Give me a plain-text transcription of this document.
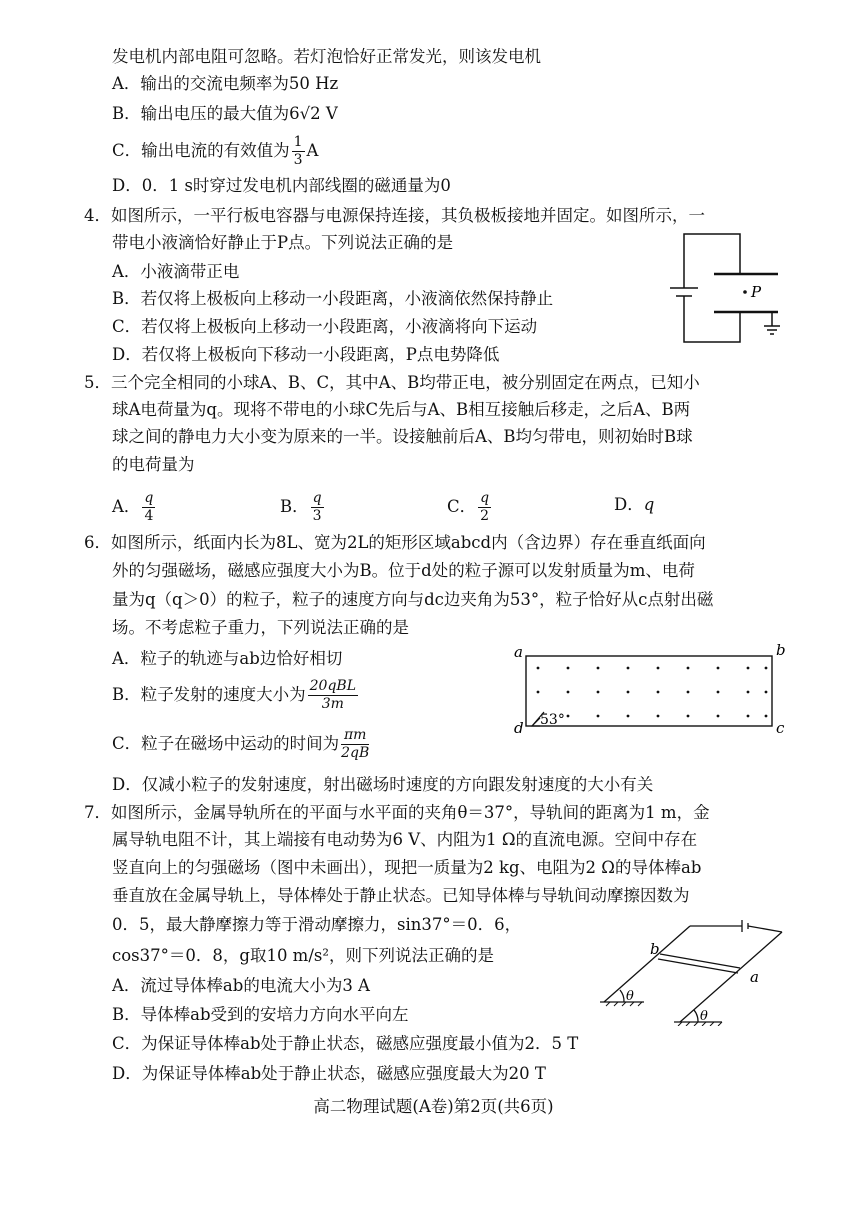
发电机内部电阻可忽略。若灯泡恰好正常发光，则该发电机
A．输出的交流电频率为50 Hz
B．输出电压的最大值为6√2 V
C．输出电流的有效值为 $\frac{1}{3}$ A
D．0．1 s时穿过发电机内部线圈的磁通量为0
4．如图所示，一平行板电容器与电源保持连接，其负极板接地并固定。如图所示，一
带电小液滴恰好静止于P点。下列说法正确的是
A．小液滴带正电
B．若仅将上极板向上移动一小段距离，小液滴依然保持静止
C．若仅将上极板向上移动一小段距离，小液滴将向下运动
D．若仅将上极板向下移动一小段距离，P点电势降低
P
5．三个完全相同的小球A、B、C，其中A、B均带正电，被分别固定在两点，已知小
球A电荷量为q。现将不带电的小球C先后与A、B相互接触后移走，之后A、B两
球之间的静电力大小变为原来的一半。设接触前后A、B均匀带电，则初始时B球
的电荷量为
A． $\frac{q}{4}$	B． $\frac{q}{3}$	C． $\frac{q}{2}$	D．q
6．如图所示，纸面内长为8L、宽为2L的矩形区域abcd内（含边界）存在垂直纸面向
外的匀强磁场，磁感应强度大小为B。位于d处的粒子源可以发射质量为m、电荷
量为q（q＞0）的粒子，粒子的速度方向与dc边夹角为53°，粒子恰好从c点射出磁
场。不考虑粒子重力，下列说法正确的是
A．粒子的轨迹与ab边恰好相切
B．粒子发射的速度大小为 $\frac{\text{20qBL}}{3m}$
C．粒子在磁场中运动的时间为 $\frac{\pi m}{2qB}$
D．仅减小粒子的发射速度，射出磁场时速度的方向跟发射速度的大小有关
a	b
c
d 53°
7．如图所示，金属导轨所在的平面与水平面的夹角θ＝37°，导轨间的距离为1 m，金
属导轨电阻不计，其上端接有电动势为6 V、内阻为1 Ω的直流电源。空间中存在
竖直向上的匀强磁场（图中未画出），现把一质量为2 kg、电阻为2 Ω的导体棒ab
垂直放在金属导轨上，导体棒处于静止状态。已知导体棒与导轨间动摩擦因数为
0．5，最大静摩擦力等于滑动摩擦力，sin37°＝0．6，
cos37°＝0．8，g取10 m/s²，则下列说法正确的是
A．流过导体棒ab的电流大小为3 A
B．导体棒ab受到的安培力方向水平向左
C．为保证导体棒ab处于静止状态，磁感应强度最小值为2．5 T
D．为保证导体棒ab处于静止状态，磁感应强度最大为20 T
b
a
θ
θ
高二物理试题(A卷)第2页(共6页)
